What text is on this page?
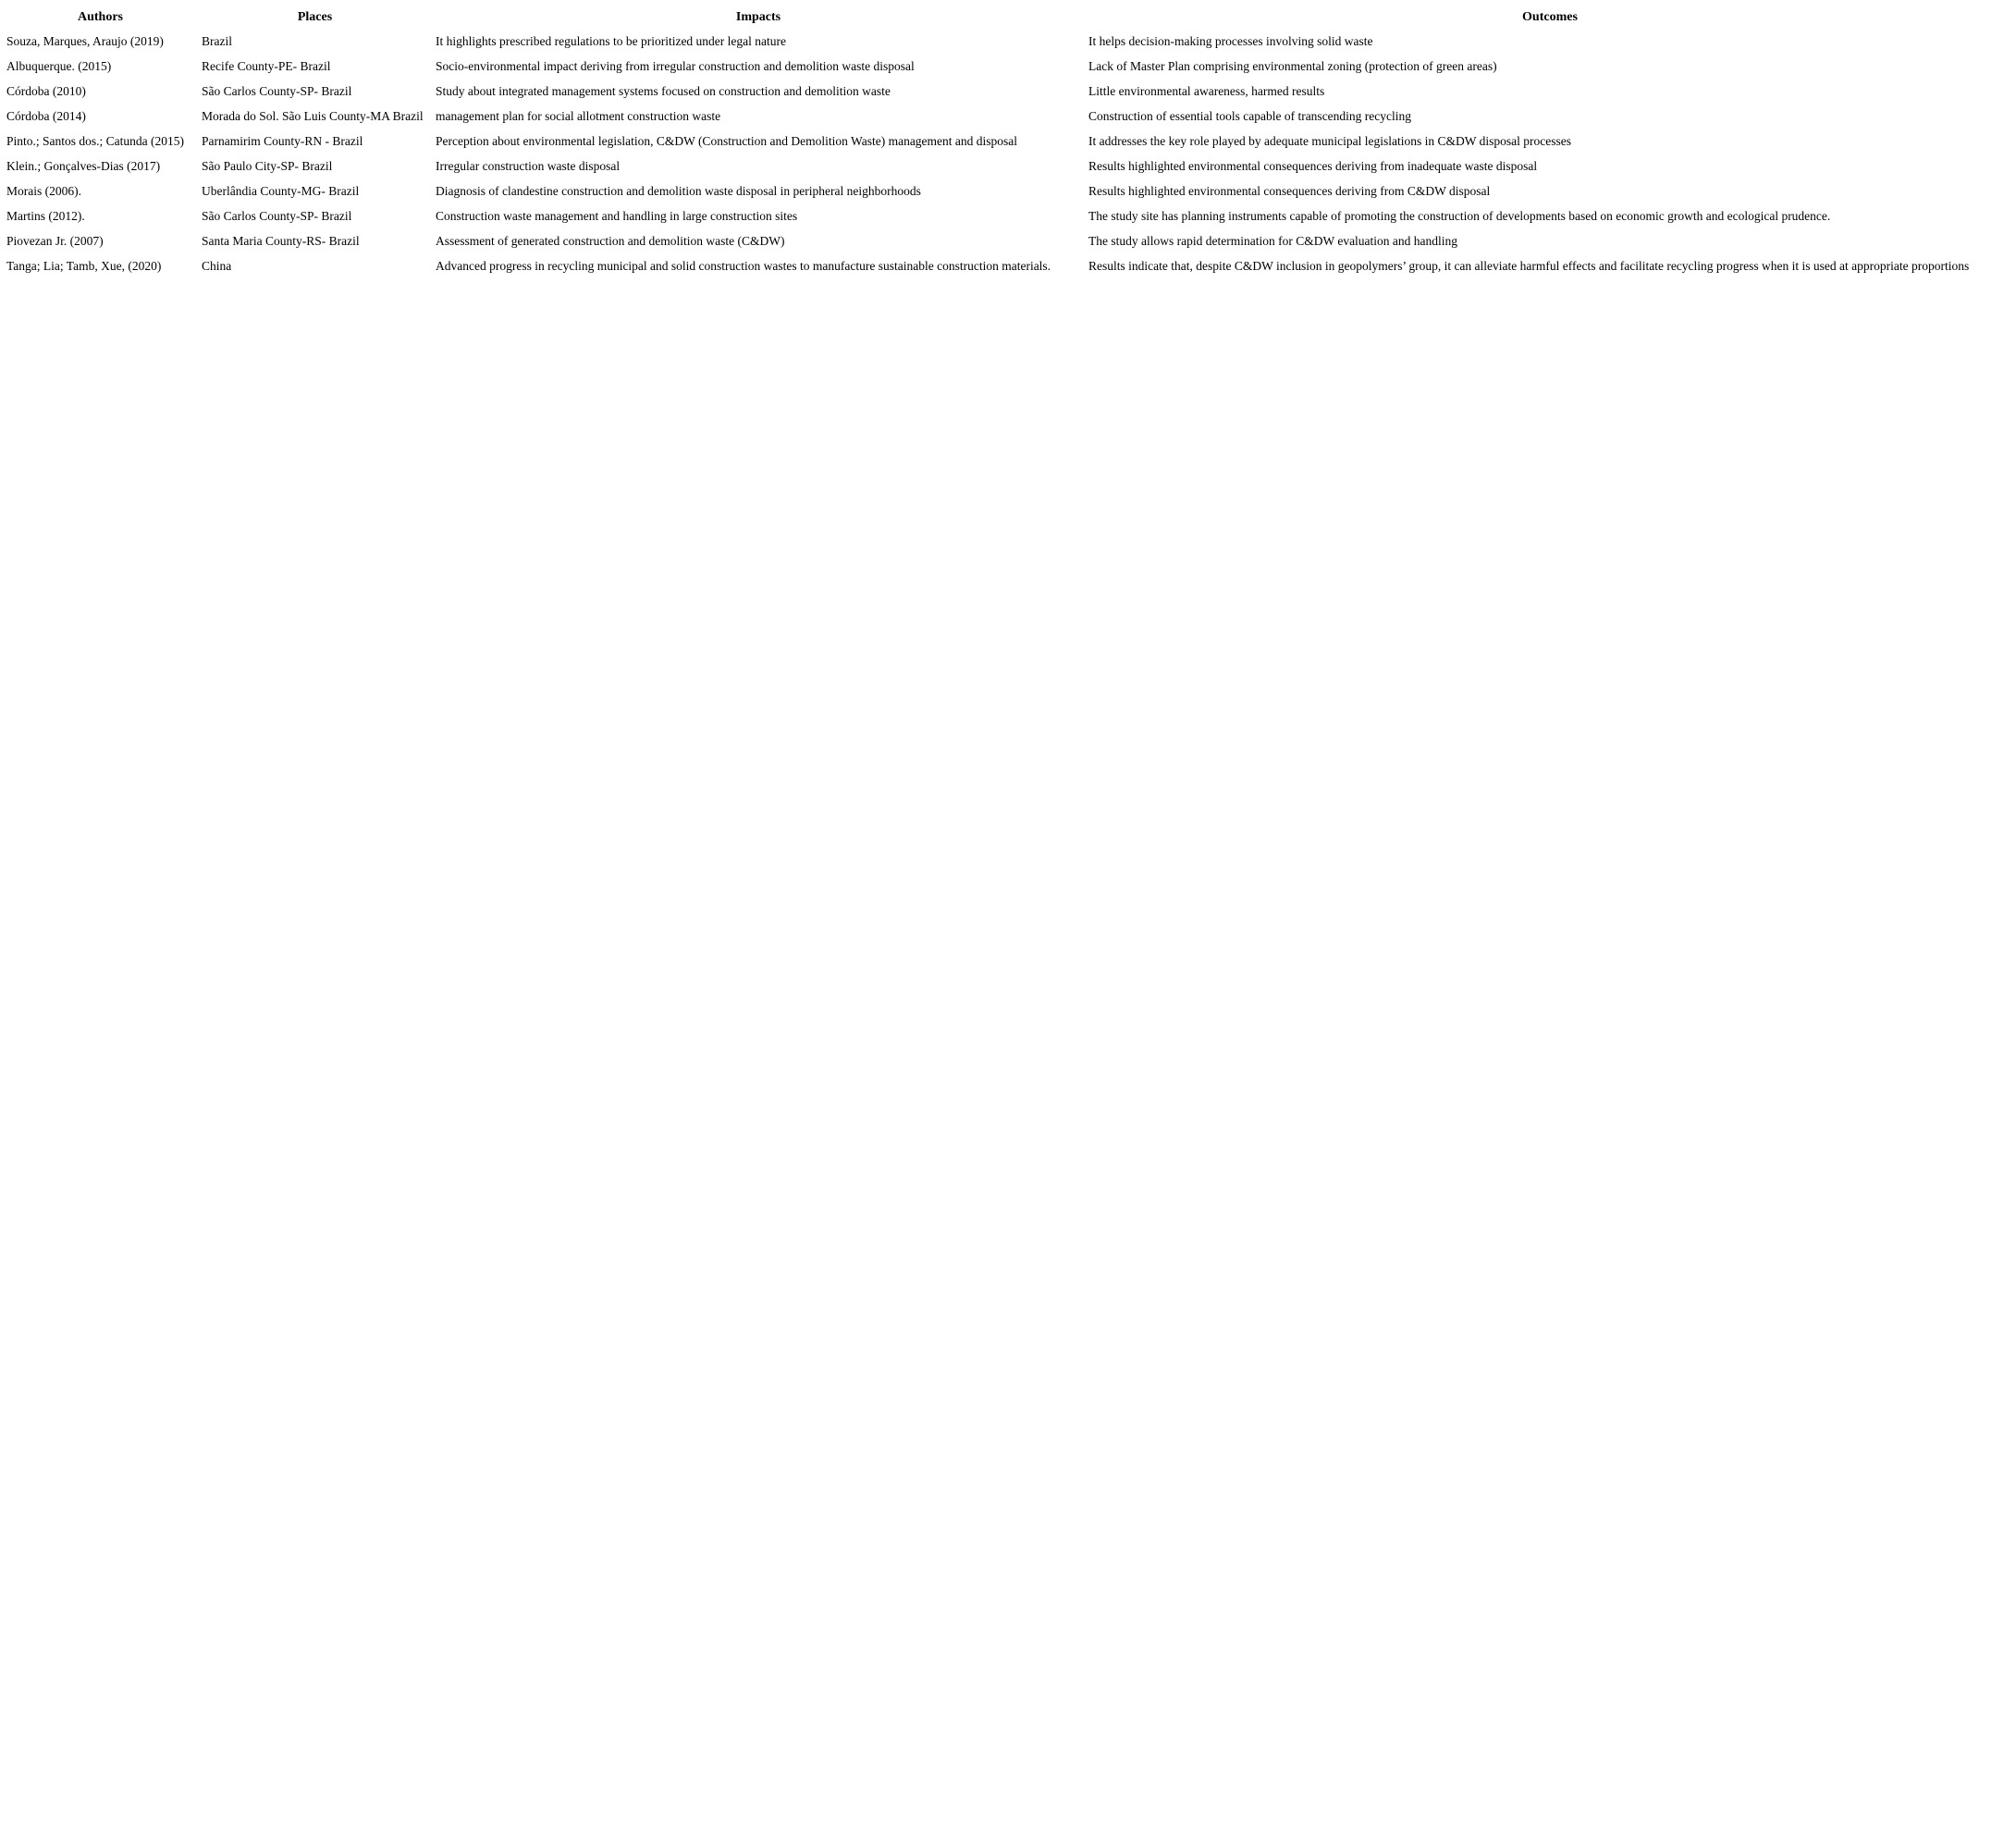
Authors	Places	Impacts	Outcomes
Souza, Marques, Araujo (2019)	Brazil	It highlights prescribed regulations to be prioritized under legal nature	It helps decision-making processes involving solid waste
Albuquerque. (2015)	Recife County-PE- Brazil	Socio-environmental impact deriving from irregular construction and demolition waste disposal	Lack of Master Plan comprising environmental zoning (protection of green areas)
Córdoba (2010)	São Carlos County-SP- Brazil	Study about integrated management systems focused on construction and demolition waste	Little environmental awareness, harmed results
Córdoba (2014)	Morada do Sol. São Luis County-MA Brazil	management plan for social allotment construction waste	Construction of essential tools capable of transcending recycling
Pinto.; Santos dos.; Catunda (2015)	Parnamirim County-RN - Brazil	Perception about environmental legislation, C&DW (Construction and Demolition Waste) management and disposal	It addresses the key role played by adequate municipal legislations in C&DW disposal processes
Klein.; Gonçalves-Dias (2017)	São Paulo City-SP- Brazil	Irregular construction waste disposal	Results highlighted environmental consequences deriving from inadequate waste disposal
Morais (2006).	Uberlândia County-MG- Brazil	Diagnosis of clandestine construction and demolition waste disposal in peripheral neighborhoods	Results highlighted environmental consequences deriving from C&DW disposal
Martins (2012).	São Carlos County-SP- Brazil	Construction waste management and handling in large construction sites	The study site has planning instruments capable of promoting the construction of developments based on economic growth and ecological prudence.
Piovezan Jr. (2007)	Santa Maria County-RS- Brazil	Assessment of generated construction and demolition waste (C&DW)	The study allows rapid determination for C&DW evaluation and handling
Tanga; Lia; Tamb, Xue, (2020)	China	Advanced progress in recycling municipal and solid construction wastes to manufacture sustainable construction materials.	Results indicate that, despite C&DW inclusion in geopolymers’ group, it can alleviate harmful effects and facilitate recycling progress when it is used at appropriate proportions
